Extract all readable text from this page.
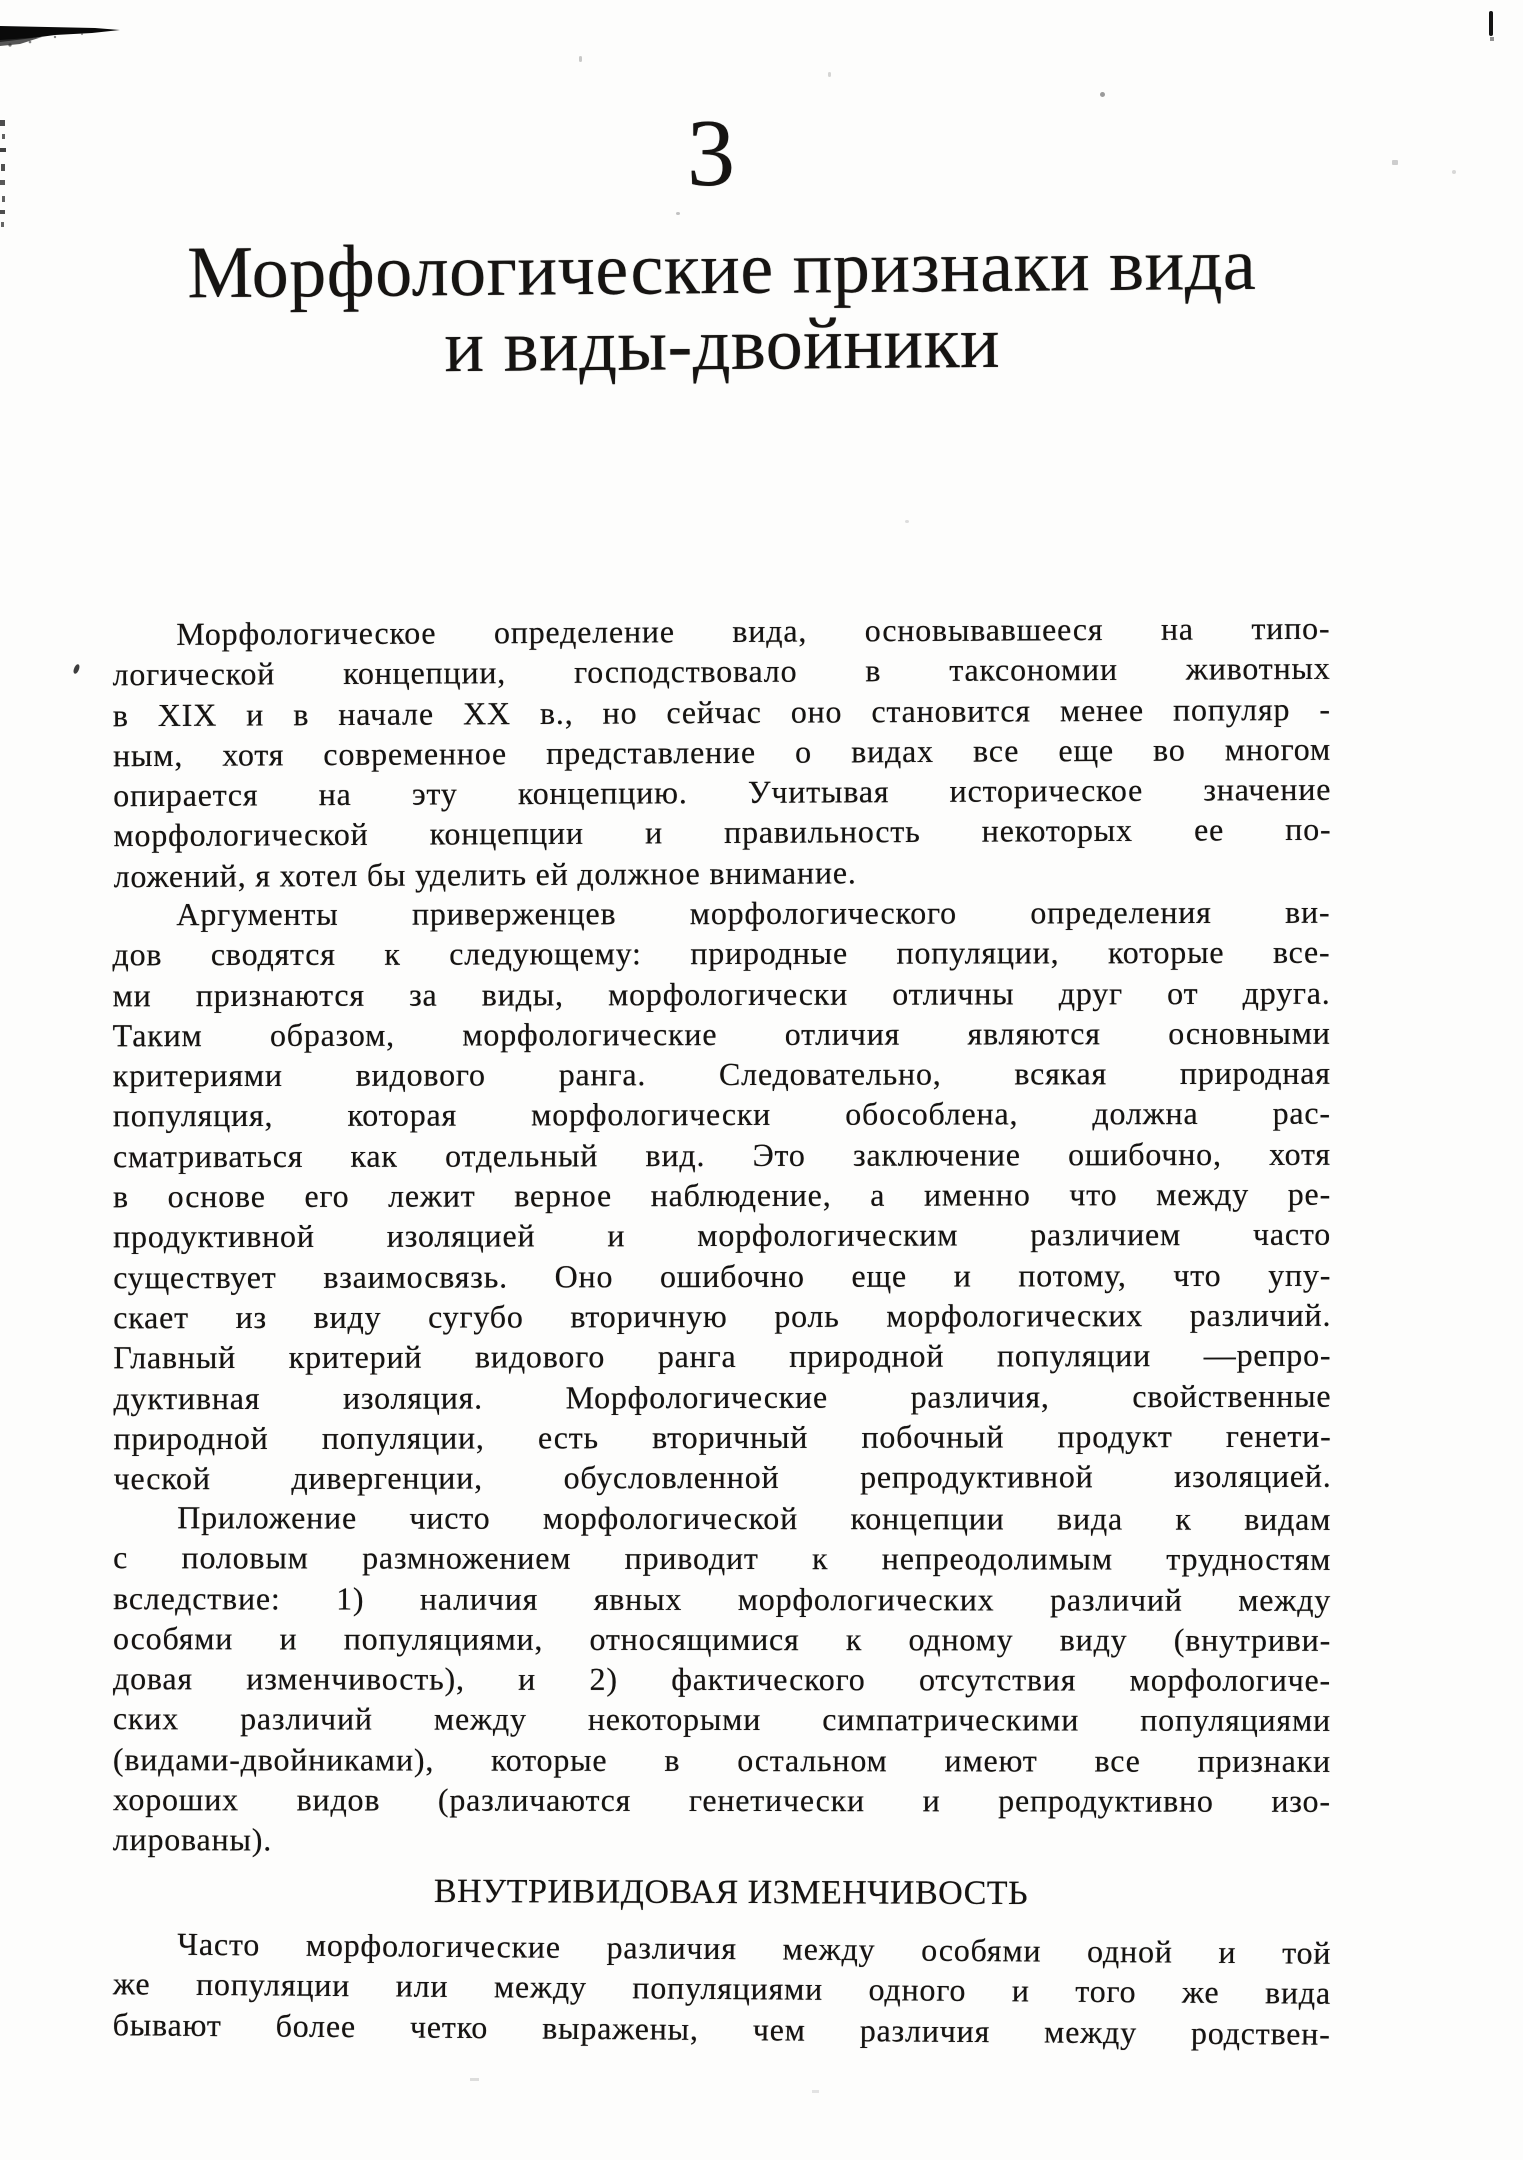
3
Морфологические признаки вида
и виды-двойники
Морфологическое определение вида, основывавшееся на типо-
логической концепции, господствовало в таксономии животных
в XIX и в начале XX в., но сейчас оно становится менее популяр -
ным, хотя современное представление о видах все еще во многом
опирается на эту концепцию. Учитывая историческое значение
морфологической концепции и правильность некоторых ее по-
ложений, я хотел бы уделить ей должное внимание.
Аргументы приверженцев морфологического определения ви-
дов сводятся к следующему: природные популяции, которые все-
ми признаются за виды, морфологически отличны друг от друга.
Таким образом, морфологические отличия являются основными
критериями видового ранга. Следовательно, всякая природная
популяция, которая морфологически обособлена, должна рас-
сматриваться как отдельный вид. Это заключение ошибочно, хотя
в основе его лежит верное наблюдение, а именно что между ре-
продуктивной изоляцией и морфологическим различием часто
существует взаимосвязь. Оно ошибочно еще и потому, что упу-
скает из виду сугубо вторичную роль морфологических различий.
Главный критерий видового ранга природной популяции —репро-
дуктивная изоляция. Морфологические различия, свойственные
природной популяции, есть вторичный побочный продукт генети-
ческой дивергенции, обусловленной репродуктивной изоляцией.
Приложение чисто морфологической концепции вида к видам
с половым размножением приводит к непреодолимым трудностям
вследствие: 1) наличия явных морфологических различий между
особями и популяциями, относящимися к одному виду (внутриви-
довая изменчивость), и 2) фактического отсутствия морфологиче-
ских различий между некоторыми симпатрическими популяциями
(видами-двойниками), которые в остальном имеют все признаки
хороших видов (различаются генетически и репродуктивно изо-
лированы).
ВНУТРИВИДОВАЯ ИЗМЕНЧИВОСТЬ
Часто морфологические различия между особями одной и той
же популяции или между популяциями одного и того же вида
бывают более четко выражены, чем различия между родствен-
